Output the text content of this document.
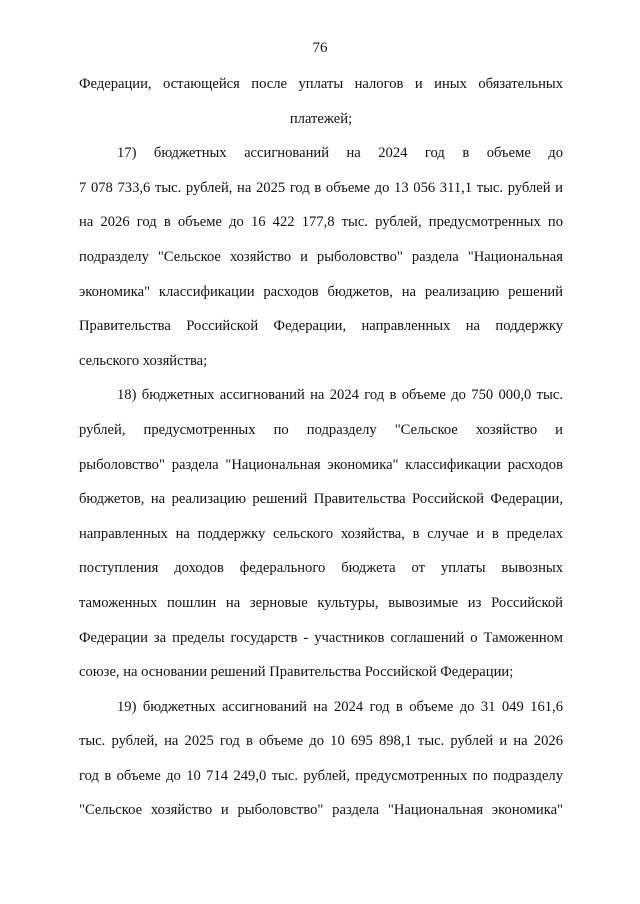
76
Федерации, остающейся после уплаты налогов и иных обязательных
платежей;
17) бюджетных ассигнований на 2024 год в объеме до
7 078 733,6 тыс. рублей, на 2025 год в объеме до 13 056 311,1 тыс. рублей и
на 2026 год в объеме до 16 422 177,8 тыс. рублей, предусмотренных по
подразделу "Сельское хозяйство и рыболовство" раздела "Национальная
экономика" классификации расходов бюджетов, на реализацию решений
Правительства Российской Федерации, направленных на поддержку
сельского хозяйства;
18) бюджетных ассигнований на 2024 год в объеме до 750 000,0 тыс.
рублей, предусмотренных по подразделу "Сельское хозяйство и
рыболовство" раздела "Национальная экономика" классификации расходов
бюджетов, на реализацию решений Правительства Российской Федерации,
направленных на поддержку сельского хозяйства, в случае и в пределах
поступления доходов федерального бюджета от уплаты вывозных
таможенных пошлин на зерновые культуры, вывозимые из Российской
Федерации за пределы государств - участников соглашений о Таможенном
союзе, на основании решений Правительства Российской Федерации;
19) бюджетных ассигнований на 2024 год в объеме до 31 049 161,6
тыс. рублей, на 2025 год в объеме до 10 695 898,1 тыс. рублей и на 2026
год в объеме до 10 714 249,0 тыс. рублей, предусмотренных по подразделу
"Сельское хозяйство и рыболовство" раздела "Национальная экономика"
